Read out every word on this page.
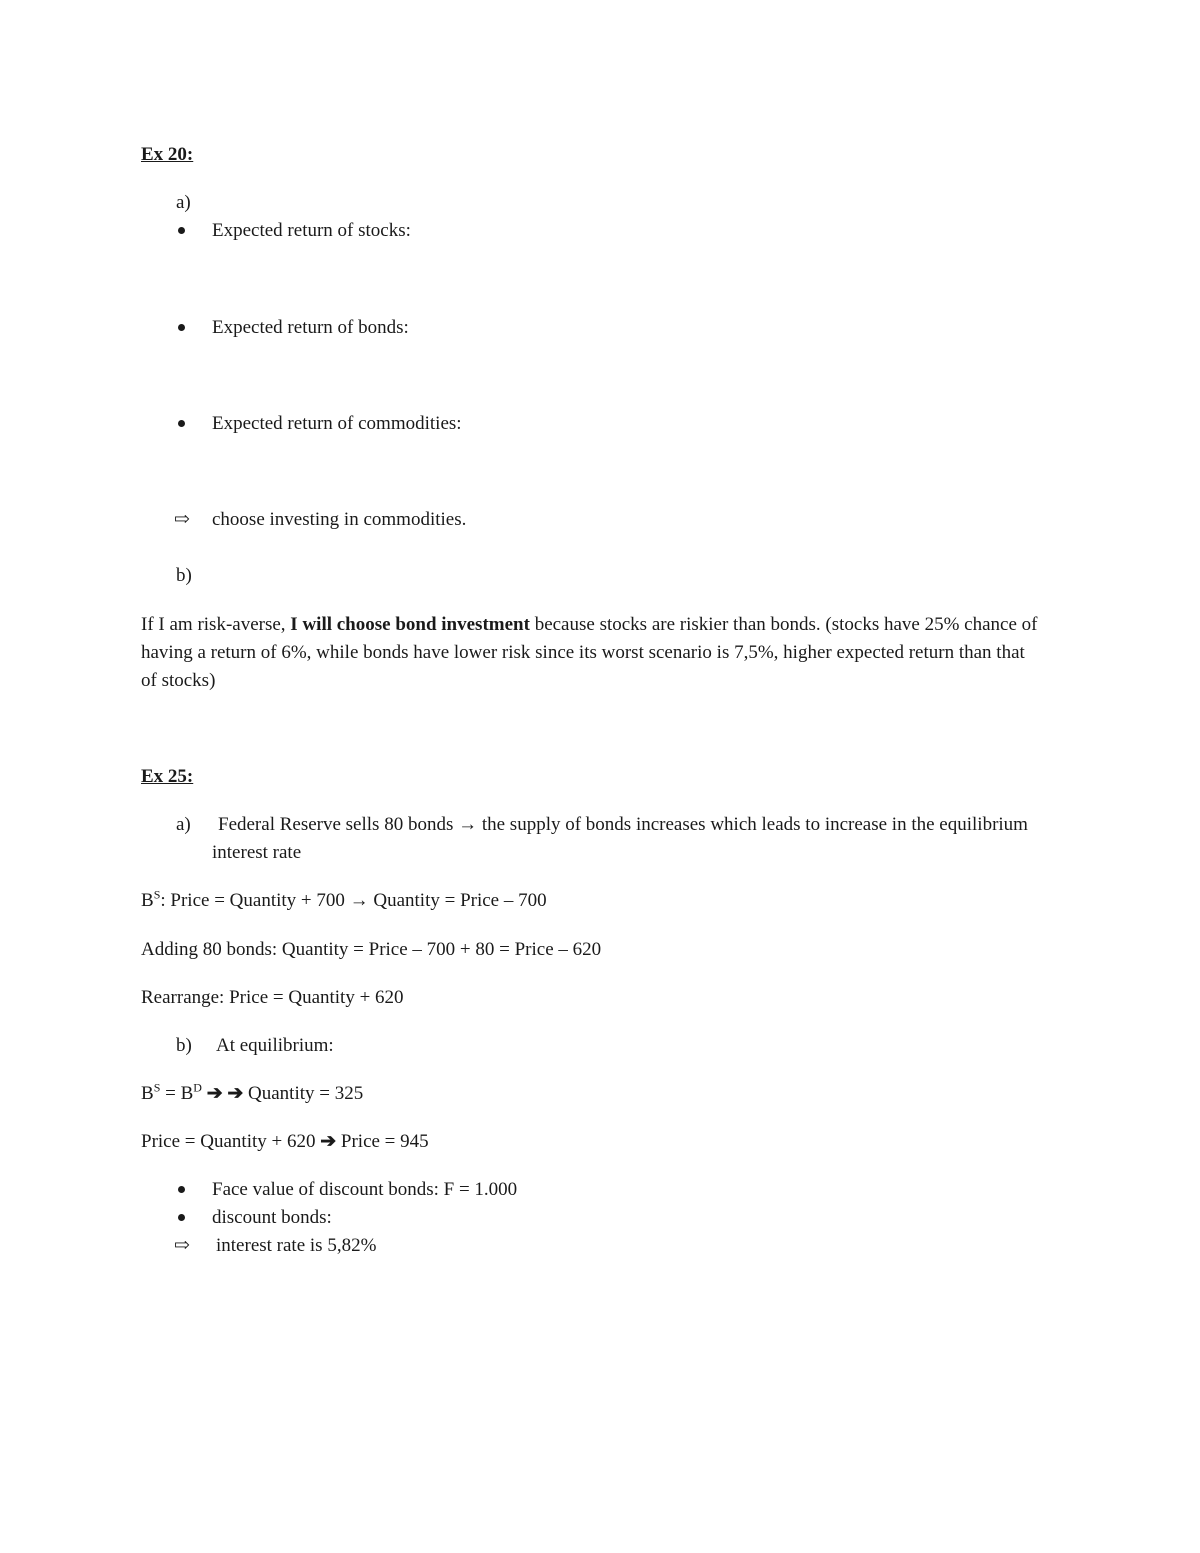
Ex 20:
a)
Expected return of stocks:
Expected return of bonds:
Expected return of commodities:
⇨	choose investing in commodities.
b)
If I am risk-averse, I will choose bond investment because stocks are riskier than bonds. (stocks have 25% chance of having a return of 6%, while bonds have lower risk since its worst scenario is 7,5%, higher expected return than that of stocks)
Ex 25:
a)	Federal Reserve sells 80 bonds → the supply of bonds increases which leads to increase in the equilibrium interest rate
$B^S$: Price = Quantity + 700 → Quantity = Price – 700
Adding 80 bonds: Quantity = Price – 700 + 80 = Price – 620
Rearrange: Price = Quantity + 620
b) At equilibrium:
$B^S = B^D$ ➔ ➔ Quantity = 325
Price = Quantity + 620 ➔ Price = 945
Face value of discount bonds: F = 1.000
discount bonds:
⇨	interest rate is 5,82%
